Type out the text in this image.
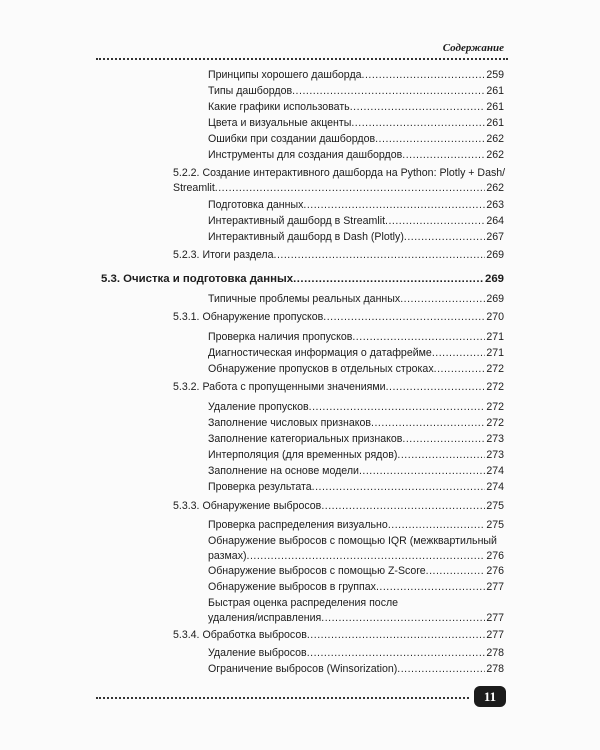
Содержание
Принципы хорошего дашборда .....	259
Типы дашбордов .....	261
Какие графики использовать .....	261
Цвета и визуальные акценты .....	261
Ошибки при создании дашбордов .....	262
Инструменты для создания дашбордов .....	262
5.2.2. Создание интерактивного дашборда на Python: Plotly + Dash/
Streamlit .....	262
Подготовка данных .....	263
Интерактивный дашборд в Streamlit .....	264
Интерактивный дашборд в Dash (Plotly) .....	267
5.2.3. Итоги раздела .....	269
5.3. Очистка и подготовка данных .....	269
Типичные проблемы реальных данных .....	269
5.3.1. Обнаружение пропусков .....	270
Проверка наличия пропусков .....	271
Диагностическая информация о датафрейме .....	271
Обнаружение пропусков в отдельных строках .....	272
5.3.2. Работа с пропущенными значениями .....	272
Удаление пропусков .....	272
Заполнение числовых признаков .....	272
Заполнение категориальных признаков .....	273
Интерполяция (для временных рядов) .....	273
Заполнение на основе модели .....	274
Проверка результата .....	274
5.3.3. Обнаружение выбросов .....	275
Проверка распределения визуально .....	275
Обнаружение выбросов с помощью IQR (межквартильный
размах) .....	276
Обнаружение выбросов с помощью Z-Score .....	276
Обнаружение выбросов в группах .....	277
Быстрая оценка распределения после
удаления/исправления .....	277
5.3.4. Обработка выбросов .....	277
Удаление выбросов .....	278
Ограничение выбросов (Winsorization) .....	278
11
